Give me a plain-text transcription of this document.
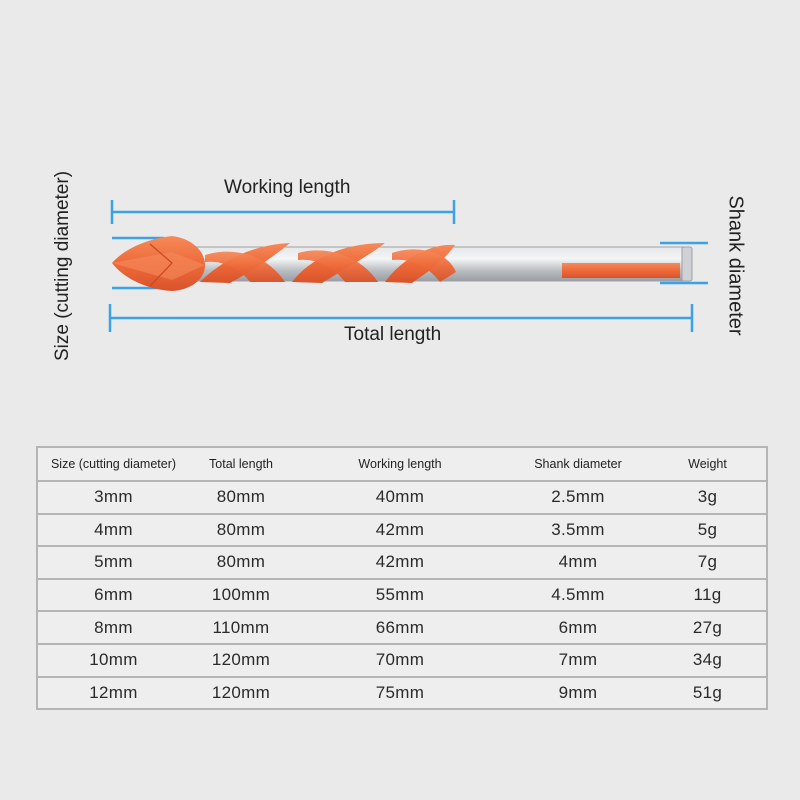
Working length
Total length
Size (cutting diameter)	Shank diameter
Size (cutting diameter)	Total length	Working length	Shank diameter	Weight
3mm	80mm	40mm	2.5mm	3g
4mm	80mm	42mm	3.5mm	5g
5mm	80mm	42mm	4mm	7g
6mm	100mm	55mm	4.5mm	11g
8mm	110mm	66mm	6mm	27g
10mm	120mm	70mm	7mm	34g
12mm	120mm	75mm	9mm	51g
